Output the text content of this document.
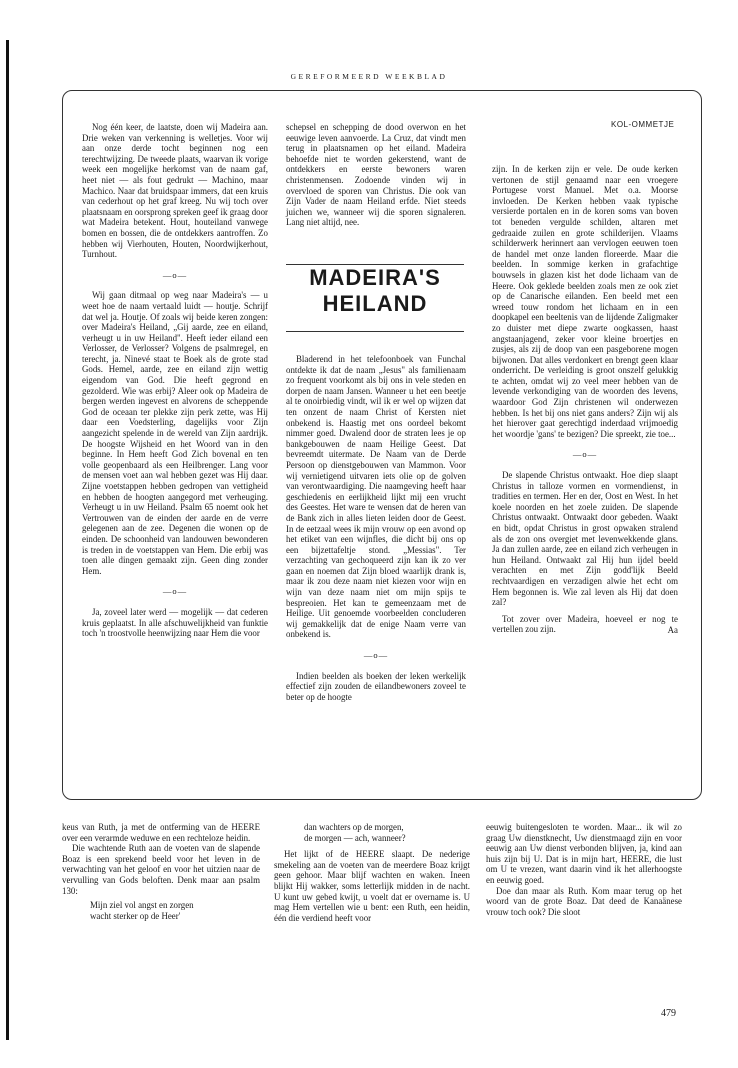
GEREFORMEERD WEEKBLAD
KOL-OMMETJE

Nog één keer, de laatste, doen wij Madeira aan. Drie weken van verkenning is welletjes. Voor wij aan onze derde tocht beginnen nog een terechtwijzing. De tweede plaats, waarvan ik vorige week een mogelijke herkomst van de naam gaf, heet niet — als fout gedrukt — Machino, maar Machico. Naar dat bruidspaar immers, dat een kruis van cederhout op het graf kreeg. Nu wij toch over plaatsnaam en oorsprong spreken geef ik graag door wat Madeira betekent. Hout, houteiland vanwege bomen en bossen, die de ontdekkers aantroffen. Zo hebben wij Vierhouten, Houten, Noordwijkerhout, Turnhout.

—o—

Wij gaan ditmaal op weg naar Madeira's — u weet hoe de naam vertaald luidt — houtje. Schrijf dat wel ja. Houtje. Of zoals wij beide keren zongen: over Madeira's Heiland, „Gij aarde, zee en eiland, verheugt u in uw Heiland". Heeft ieder eiland een Verlosser, de Verlosser? Volgens de psalmregel, en terecht, ja. Ninevé staat te Boek als de grote stad Gods. Hemel, aarde, zee en eiland zijn wettig eigendom van God. Die heeft gegrond en gezolderd. Wie was erbij? Aleer ook op Madeira de bergen werden ingevest en alvorens de scheppende God de oceaan ter plekke zijn perk zette, was Hij daar een Voedsterling, dagelijks voor Zijn aangezicht spelende in de wereld van Zijn aardrijk. De hoogste Wijsheid en het Woord van in den beginne. In Hem heeft God Zich bovenal en ten volle geopenbaard als een Heilbrenger. Lang voor de mensen voet aan wal hebben gezet was Hij daar. Zijne voetstappen hebben gedropen van vettigheid en hebben de hoogten aangegord met verheuging. Verheugt u in uw Heiland. Psalm 65 noemt ook het Vertrouwen van de einden der aarde en de verre gelegenen aan de zee. Degenen die wonen op de einden. De schoonheid van landouwen bewonderen is treden in de voetstappen van Hem. Die erbij was toen alle dingen gemaakt zijn. Geen ding zonder Hem.

—o—

Ja, zoveel later werd — mogelijk — dat cederen kruis geplaatst. In alle afschuwelijkheid van funktie toch 'n troostvolle heenwijzing naar Hem die voor

schepsel en schepping de dood overwon en het eeuwige leven aanvoerde. La Cruz, dat vindt men terug in plaatsnamen op het eiland. Madeira behoefde niet te worden gekerstend, want de ontdekkers en eerste bewoners waren christenmensen. Zodoende vinden wij in overvloed de sporen van Christus. Die ook van Zijn Vader de naam Heiland erfde. Niet steeds juichen we, wanneer wij die sporen signaleren. Lang niet altijd, nee.

MADEIRA'S
HEILAND

Bladerend in het telefoonboek van Funchal ontdekte ik dat de naam „Jesus" als familienaam zo frequent voorkomt als bij ons in vele steden en dorpen de naam Jansen. Wanneer u het een beetje al te onoirbiedig vindt, wil ik er wel op wijzen dat ten onzent de naam Christ of Kersten niet onbekend is. Haastig met ons oordeel bekomt nimmer goed. Dwalend door de straten lees je op bankgebouwen de naam Heilige Geest. Dat bevreemdt uitermate. De Naam van de Derde Persoon op dienstgebouwen van Mammon. Voor wij vernietigend uitvaren iets olie op de golven van verontwaardiging. Die naamgeving heeft haar geschiedenis en eerlijkheid lijkt mij een vrucht des Geestes. Het ware te wensen dat de heren van de Bank zich in alles lieten leiden door de Geest. In de eetzaal wees ik mijn vrouw op een avond op het etiket van een wijnfles, die dicht bij ons op een bijzettafeltje stond. „Messias". Ter verzachting van gechoqueerd zijn kan ik zo ver gaan en noemen dat Zijn bloed waarlijk drank is, maar ik zou deze naam niet kiezen voor wijn en wijn van deze naam niet om mijn spijs te bespreoien. Het kan te gemeenzaam met de Heilige. Uit genoemde voorbeelden concluderen wij gemakkelijk dat de enige Naam verre van onbekend is.

—o—

Indien beelden als boeken der leken werkelijk effectief zijn zouden de eilandbewoners zoveel te beter op de hoogte

zijn. In de kerken zijn er vele. De oude kerken vertonen de stijl genaamd naar een vroegere Portugese vorst Manuel. Met o.a. Moorse invloeden. De Kerken hebben vaak typische versierde portalen en in de koren soms van boven tot beneden vergulde schilden, altaren met gedraaide zuilen en grote schilderijen. Vlaams schilderwerk herinnert aan vervlogen eeuwen toen de handel met onze landen floreerde. Maar die beelden. In sommige kerken in grafachtige bouwsels in glazen kist het dode lichaam van de Heere. Ook geklede beelden zoals men ze ook ziet op de Canarische eilanden. Een beeld met een wreed touw rondom het lichaam en in een doopkapel een beeltenis van de lijdende Zaligmaker zo duister met diepe zwarte oogkassen, haast angstaanjagend, zeker voor kleine broertjes en zusjes, als zij de doop van een pasgeborene mogen bijwonen. Dat alles verdonkert en brengt geen klaar onderricht. De verleiding is groot onszelf gelukkig te achten, omdat wij zo veel meer hebben van de levende verkondiging van de woorden des levens, waardoor God Zijn christenen wil onderwezen hebben. Is het bij ons niet gans anders? Zijn wij als het hierover gaat gerechtigd inderdaad vrijmoedig het woordje 'gans' te bezigen? Die spreekt, zie toe...

—o—

De slapende Christus ontwaakt. Hoe diep slaapt Christus in talloze vormen en vormendienst, in tradities en termen. Her en der, Oost en West. In het koele noorden en het zoele zuiden. De slapende Christus ontwaakt. Ontwaakt door gebeden. Waakt en bidt, opdat Christus in grost opwaken stralend als de zon ons overgiet met levenwekkende glans. Ja dan zullen aarde, zee en eiland zich verheugen in hun Heiland. Ontwaakt zal Hij hun ijdel beeld verachten en met Zijn godd'lijk Beeld rechtvaardigen en verzadigen alwie het echt om Hem begonnen is. Wie zal leven als Hij dat doen zal?

Tot zover over Madeira, hoeveel er nog te vertellen zou zijn.	Aa

keus van Ruth, ja met de ontferming van de HEERE over een verarmde weduwe en een rechteloze heidin.

Die wachtende Ruth aan de voeten van de slapende Boaz is een sprekend beeld voor het leven in de verwachting van het geloof en voor het uitzien naar de vervulling van Gods beloften. Denk maar aan psalm 130:

Mijn ziel vol angst en zorgen

wacht sterker op de Heer'

dan wachters op de morgen,

de morgen — ach, wanneer?

Het lijkt of de HEERE slaapt. De nederige smekeling aan de voeten van de meerdere Boaz krijgt geen gehoor. Maar blijf wachten en waken. Ineen blijkt Hij wakker, soms letterlijk midden in de nacht. U kunt uw gebed kwijt, u voelt dat er overname is. U mag Hem vertellen wie u bent: een Ruth, een heidin, één die verdiend heeft voor

eeuwig buitengesloten te worden. Maar... ik wil zo graag Uw dienstknecht, Uw dienstmaagd zijn en voor eeuwig aan Uw dienst verbonden blijven, ja, kind aan huis zijn bij U. Dat is in mijn hart, HEERE, die lust om U te vrezen, want daarin vind ik het allerhoogste en eeuwig goed.

Doe dan maar als Ruth. Kom maar terug op het woord van de grote Boaz. Dat deed de Kanaänese vrouw toch ook? Die sloot

479
